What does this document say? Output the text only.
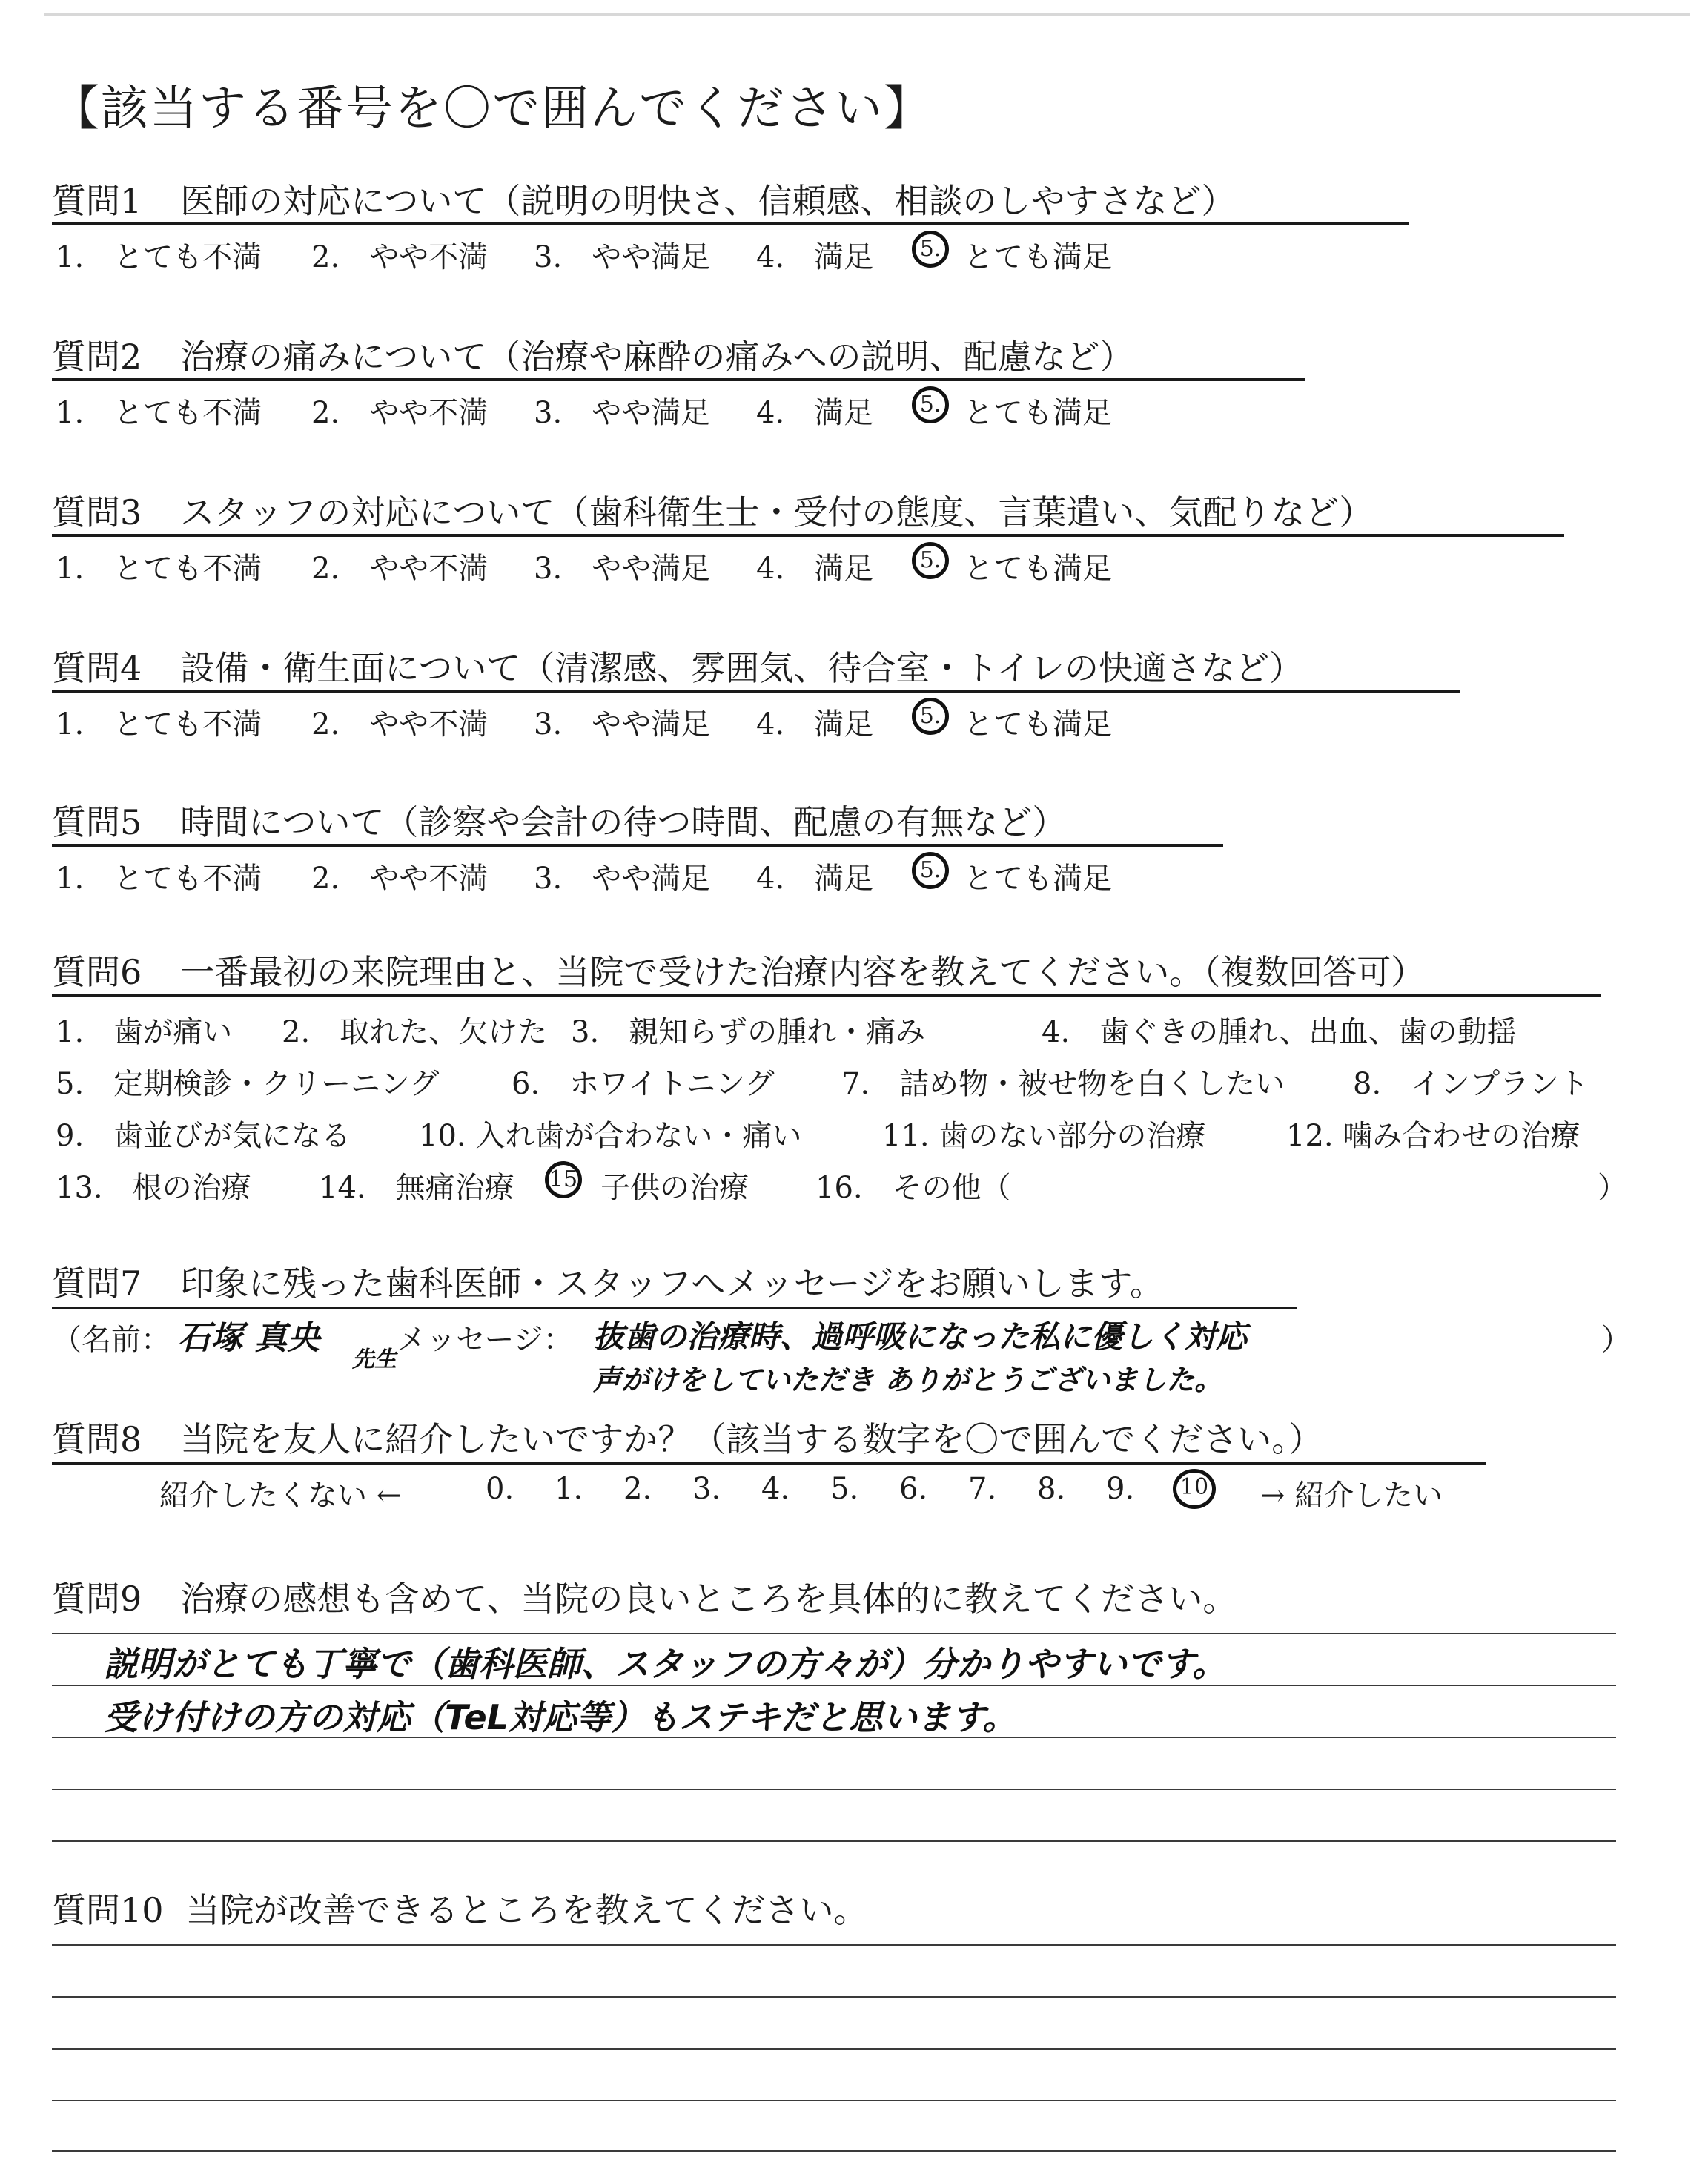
【該当する番号を〇で囲んでください】
質問1 医師の対応について（説明の明快さ、信頼感、相談のしやすさなど）
1.　とても不満 2.　やや不満 3.　やや満足 4.　満足	5. とても満足
質問2 治療の痛みについて（治療や麻酔の痛みへの説明、配慮など）
1.　とても不満 2.　やや不満 3.　やや満足 4.　満足	5. とても満足
質問3 スタッフの対応について（歯科衛生士・受付の態度、言葉遣い、気配りなど）
1.　とても不満 2.　やや不満 3.　やや満足 4.　満足	5. とても満足
質問4 設備・衛生面について（清潔感、雰囲気、待合室・トイレの快適さなど）
1.　とても不満 2.　やや不満 3.　やや満足 4.　満足	5. とても満足
質問5 時間について（診察や会計の待つ時間、配慮の有無など）
1.　とても不満 2.　やや不満 3.　やや満足 4.　満足	5. とても満足
質問6 一番最初の来院理由と、当院で受けた治療内容を教えてください。（複数回答可）
1.　歯が痛い 2.　取れた、欠けた 3.　親知らずの腫れ・痛み	4.　歯ぐきの腫れ、出血、歯の動揺
5.　定期検診・クリーニング 6.　ホワイトニング 7.　詰め物・被せ物を白くしたい 8.　インプラント
9.　歯並びが気になる 10. 入れ歯が合わない・痛い	11. 歯のない部分の治療	12. 噛み合わせの治療
13.　根の治療 14.　無痛治療 15 子供の治療 16.　その他（	）
質問7 印象に残った歯科医師・スタッフへメッセージをお願いします。
（名前： 石塚 真央
先生
メッセージ： 抜歯の治療時、過呼吸になった私に優しく対応	）
声がけをしていただき ありがとうございました。
質問8 当院を友人に紹介したいですか？（該当する数字を〇で囲んでください。）
紹介したくない ←	0. 1. 2. 3. 4. 5. 6. 7. 8. 9.	10 → 紹介したい
質問9 治療の感想も含めて、当院の良いところを具体的に教えてください。
説明がとても丁寧で（歯科医師、スタッフの方々が）分かりやすいです。
受け付けの方の対応（TeL対応等）もステキだと思います。
質問10 当院が改善できるところを教えてください。
